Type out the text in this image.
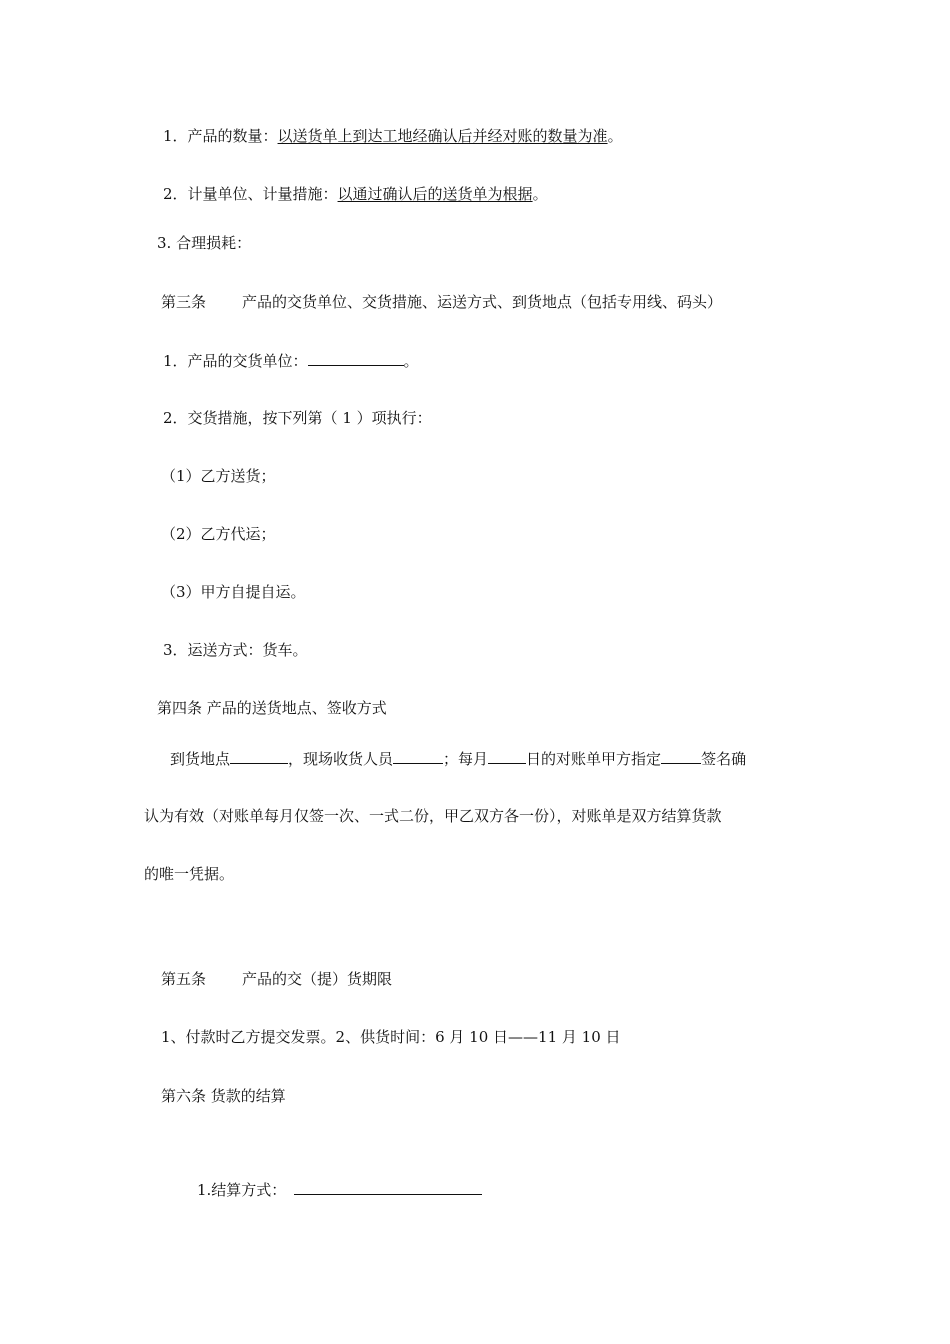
1．产品的数量：以送货单上到达工地经确认后并经对账的数量为准。
2．计量单位、计量措施：以通过确认后的送货单为根据。
3. 合理损耗：
第三条 产品的交货单位、交货措施、运送方式、到货地点（包括专用线、码头）
1．产品的交货单位：	。
2．交货措施，按下列第（ 1 ）项执行：
（1）乙方送货；
（2）乙方代运；
（3）甲方自提自运。
3．运送方式：货车。
第四条 产品的送货地点、签收方式
到货地点	，现场收货人员	；每月	日的对账单甲方指定	签名确
认为有效（对账单每月仅签一次、一式二份，甲乙双方各一份），对账单是双方结算货款
的唯一凭据。
第五条 产品的交（提）货期限
1、付款时乙方提交发票。2、供货时间：6 月 10 日——11 月 10 日
第六条 货款的结算
1.结算方式：
